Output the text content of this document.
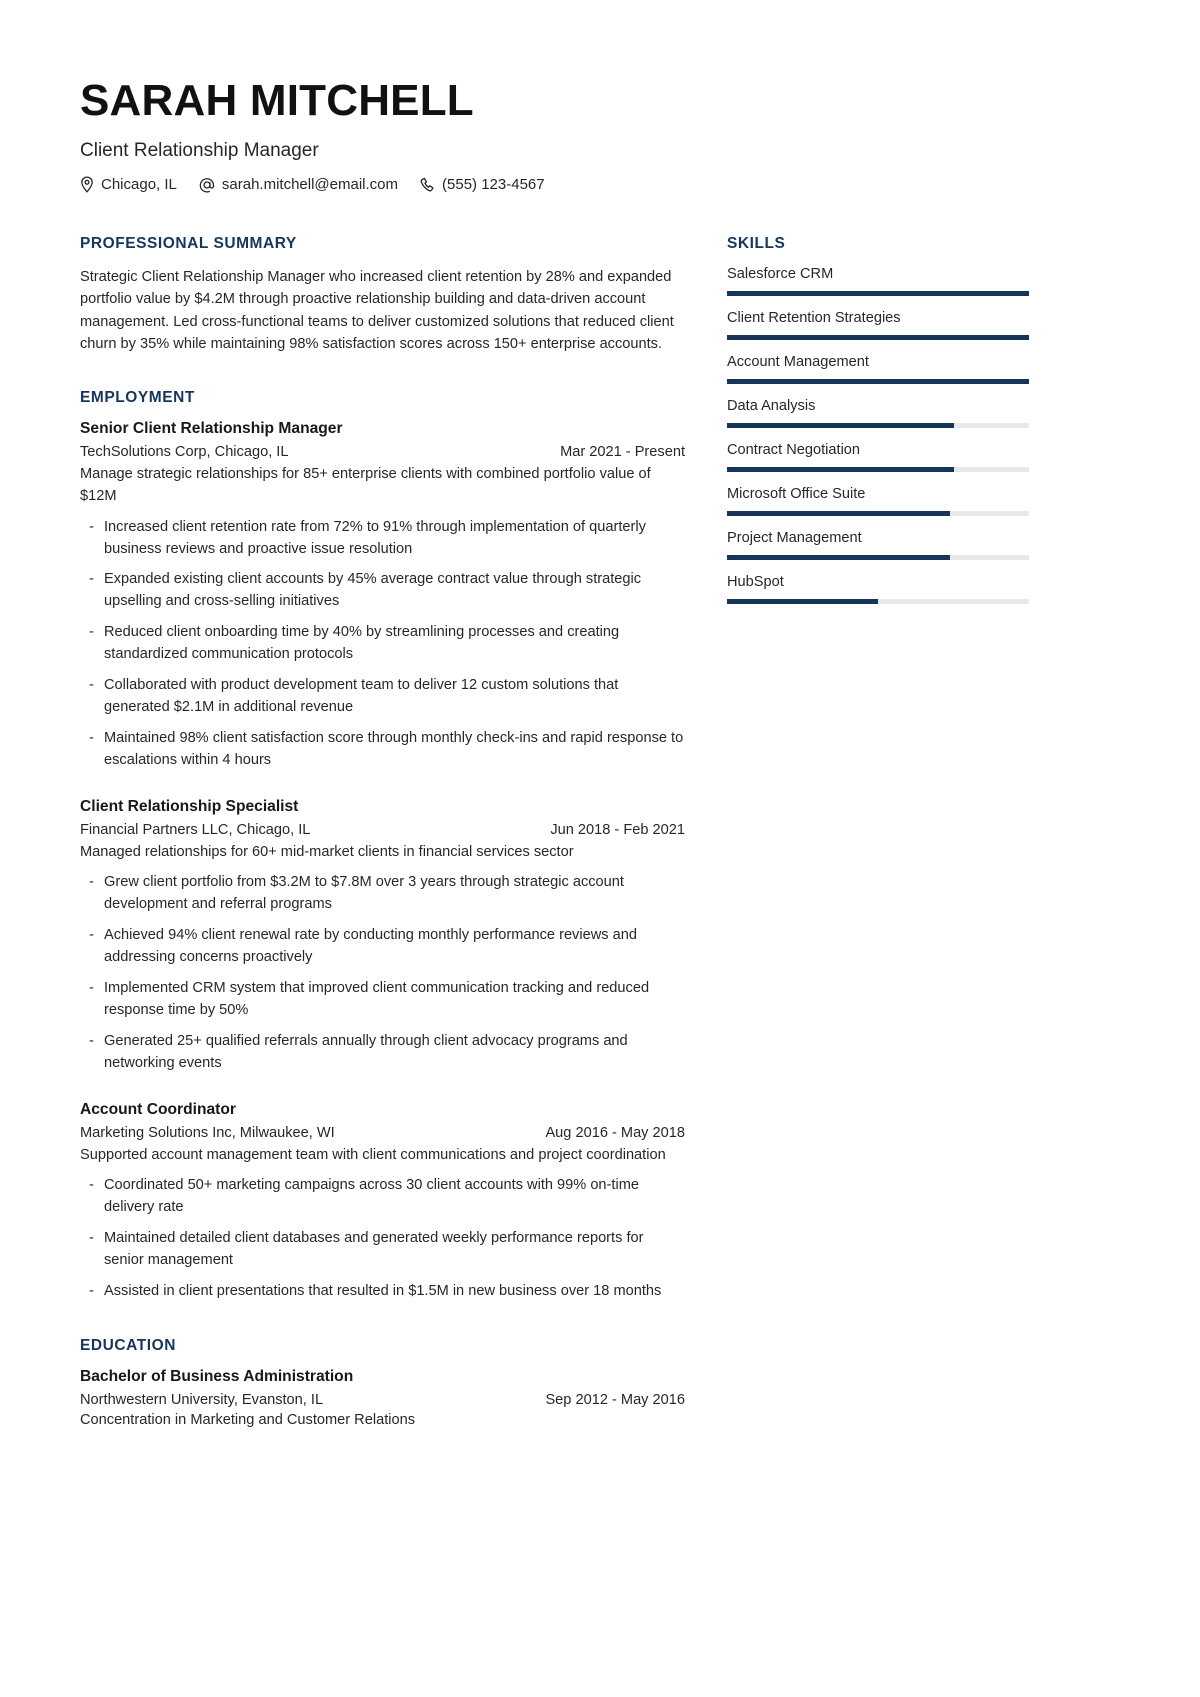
SARAH MITCHELL
Client Relationship Manager
Chicago, IL	sarah.mitchell@email.com	(555) 123-4567
PROFESSIONAL SUMMARY
Strategic Client Relationship Manager who increased client retention by 28% and expanded portfolio value by $4.2M through proactive relationship building and data-driven account management. Led cross-functional teams to deliver customized solutions that reduced client churn by 35% while maintaining 98% satisfaction scores across 150+ enterprise accounts.
EMPLOYMENT
Senior Client Relationship Manager
TechSolutions Corp, Chicago, IL	Mar 2021 - Present
Manage strategic relationships for 85+ enterprise clients with combined portfolio value of $12M
- Increased client retention rate from 72% to 91% through implementation of quarterly business reviews and proactive issue resolution
- Expanded existing client accounts by 45% average contract value through strategic upselling and cross-selling initiatives
- Reduced client onboarding time by 40% by streamlining processes and creating standardized communication protocols
- Collaborated with product development team to deliver 12 custom solutions that generated $2.1M in additional revenue
- Maintained 98% client satisfaction score through monthly check-ins and rapid response to escalations within 4 hours
Client Relationship Specialist
Financial Partners LLC, Chicago, IL	Jun 2018 - Feb 2021
Managed relationships for 60+ mid-market clients in financial services sector
- Grew client portfolio from $3.2M to $7.8M over 3 years through strategic account development and referral programs
- Achieved 94% client renewal rate by conducting monthly performance reviews and addressing concerns proactively
- Implemented CRM system that improved client communication tracking and reduced response time by 50%
- Generated 25+ qualified referrals annually through client advocacy programs and networking events
Account Coordinator
Marketing Solutions Inc, Milwaukee, WI	Aug 2016 - May 2018
Supported account management team with client communications and project coordination
- Coordinated 50+ marketing campaigns across 30 client accounts with 99% on-time delivery rate
- Maintained detailed client databases and generated weekly performance reports for senior management
- Assisted in client presentations that resulted in $1.5M in new business over 18 months
EDUCATION
Bachelor of Business Administration
Northwestern University, Evanston, IL	Sep 2012 - May 2016
Concentration in Marketing and Customer Relations
SKILLS
Salesforce CRM
Client Retention Strategies
Account Management
Data Analysis
Contract Negotiation
Microsoft Office Suite
Project Management
HubSpot
